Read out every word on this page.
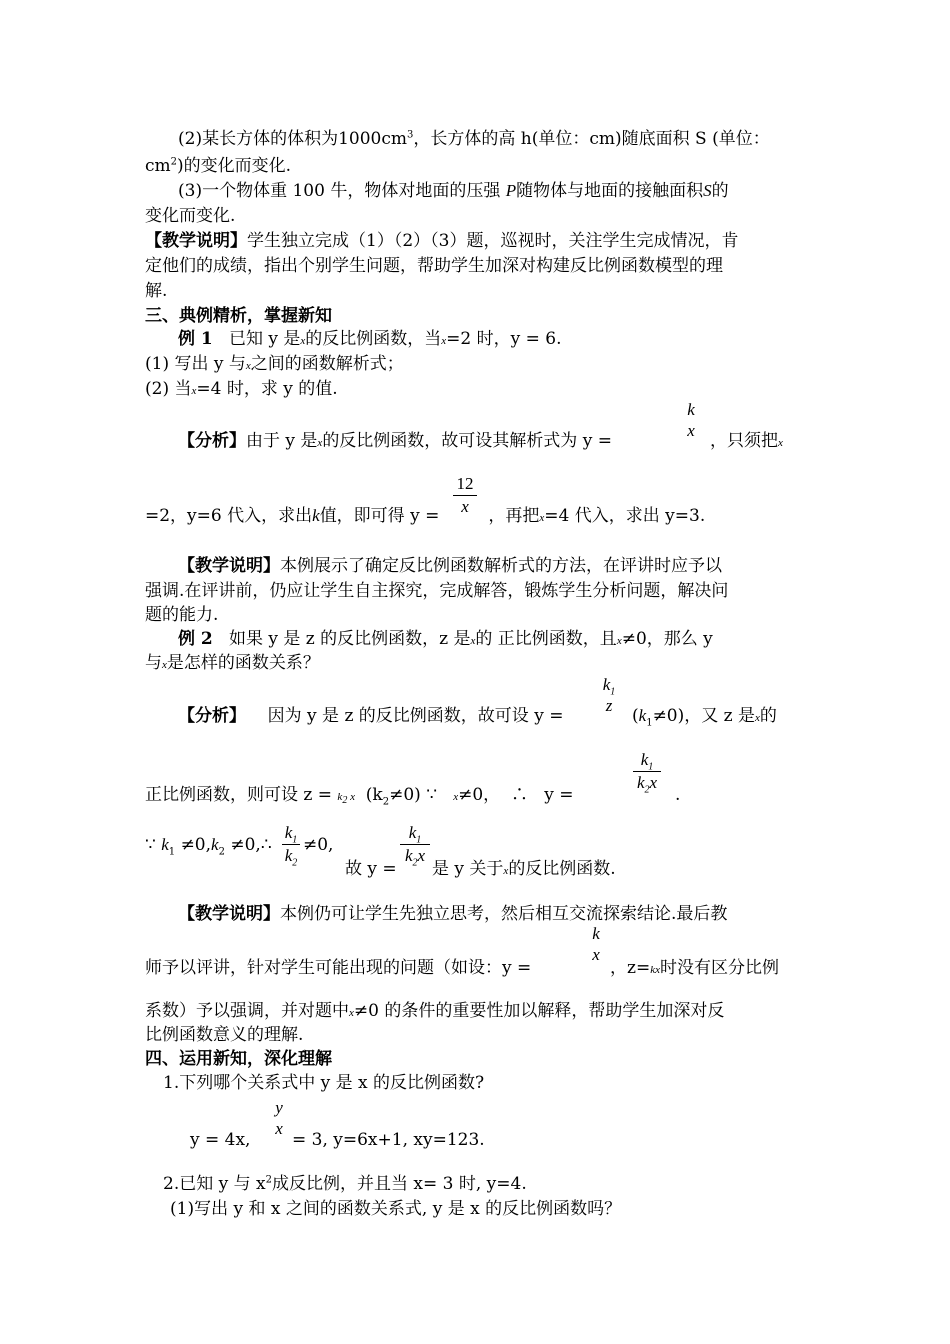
(2)某长方体的体积为$1000cm^3$，长方体的高 h(单位：cm)随底面积 S (单位：
$cm^2$)的变化而变化.
(3)一个物体重 100 牛，物体对地面的压强 P随物体与地面的接触面积S的
变化而变化.
【教学说明】学生独立完成（1）（2）（3）题，巡视时，关注学生完成情况，肯
定他们的成绩，指出个别学生问题，帮助学生加深对构建反比例函数模型的理
解.
三、典例精析，掌握新知
例 1 已知 y 是x的反比例函数，当x=2 时，y = 6.
(1) 写出 y 与x之间的函数解析式；
(2) 当x=4 时，求 y 的值.
【分析】由于 y 是x的反比例函数，故可设其解析式为 y =
k
x
，只须把x
=2，y=6 代入，求出k值，即可得 y =
12
x	，再把x=4 代入，求出 y=3.
【教学说明】本例展示了确定反比例函数解析式的方法，在评讲时应予以
强调.在评讲前，仍应让学生自主探究，完成解答，锻炼学生分析问题，解决问
题的能力.
例 2 如果 y 是 z 的反比例函数，z 是x的 正比例函数，且x≠0，那么 y
与x是怎样的函数关系？
【分析】 因为 y 是 z 的反比例函数，故可设 y =
$k_1$
z
$(k_1\ne 0)$，又 z 是x的
正比例函数，则可设 $z = k_2$ x $(k_2\ne 0)$ ∵ x≠0， ∴ y =
$k_1$
$k_2x$
.
∵ $k_1 \ne 0,k_2$ ≠0,∴
$k_1$
$k_2$
≠0,
故 y =
$k_1$
$k_2x$
是 y 关于x的反比例函数.
【教学说明】本例仍可让学生先独立思考，然后相互交流探索结论.最后教
师予以评讲，针对学生可能出现的问题（如设：y =
k
x
，z=kx时没有区分比例
系数）予以强调，并对题中x≠0 的条件的重要性加以解释，帮助学生加深对反
比例函数意义的理解.
四、运用新知，深化理解
1.下列哪个关系式中 y 是 x 的反比例函数?
y = 4x,
y
x
= 3, y=6x+1, xy=123.
2.已知 y 与 $x^2$成反比例，并且当 x= 3 时, y=4.
(1)写出 y 和 x 之间的函数关系式, y 是 x 的反比例函数吗？
